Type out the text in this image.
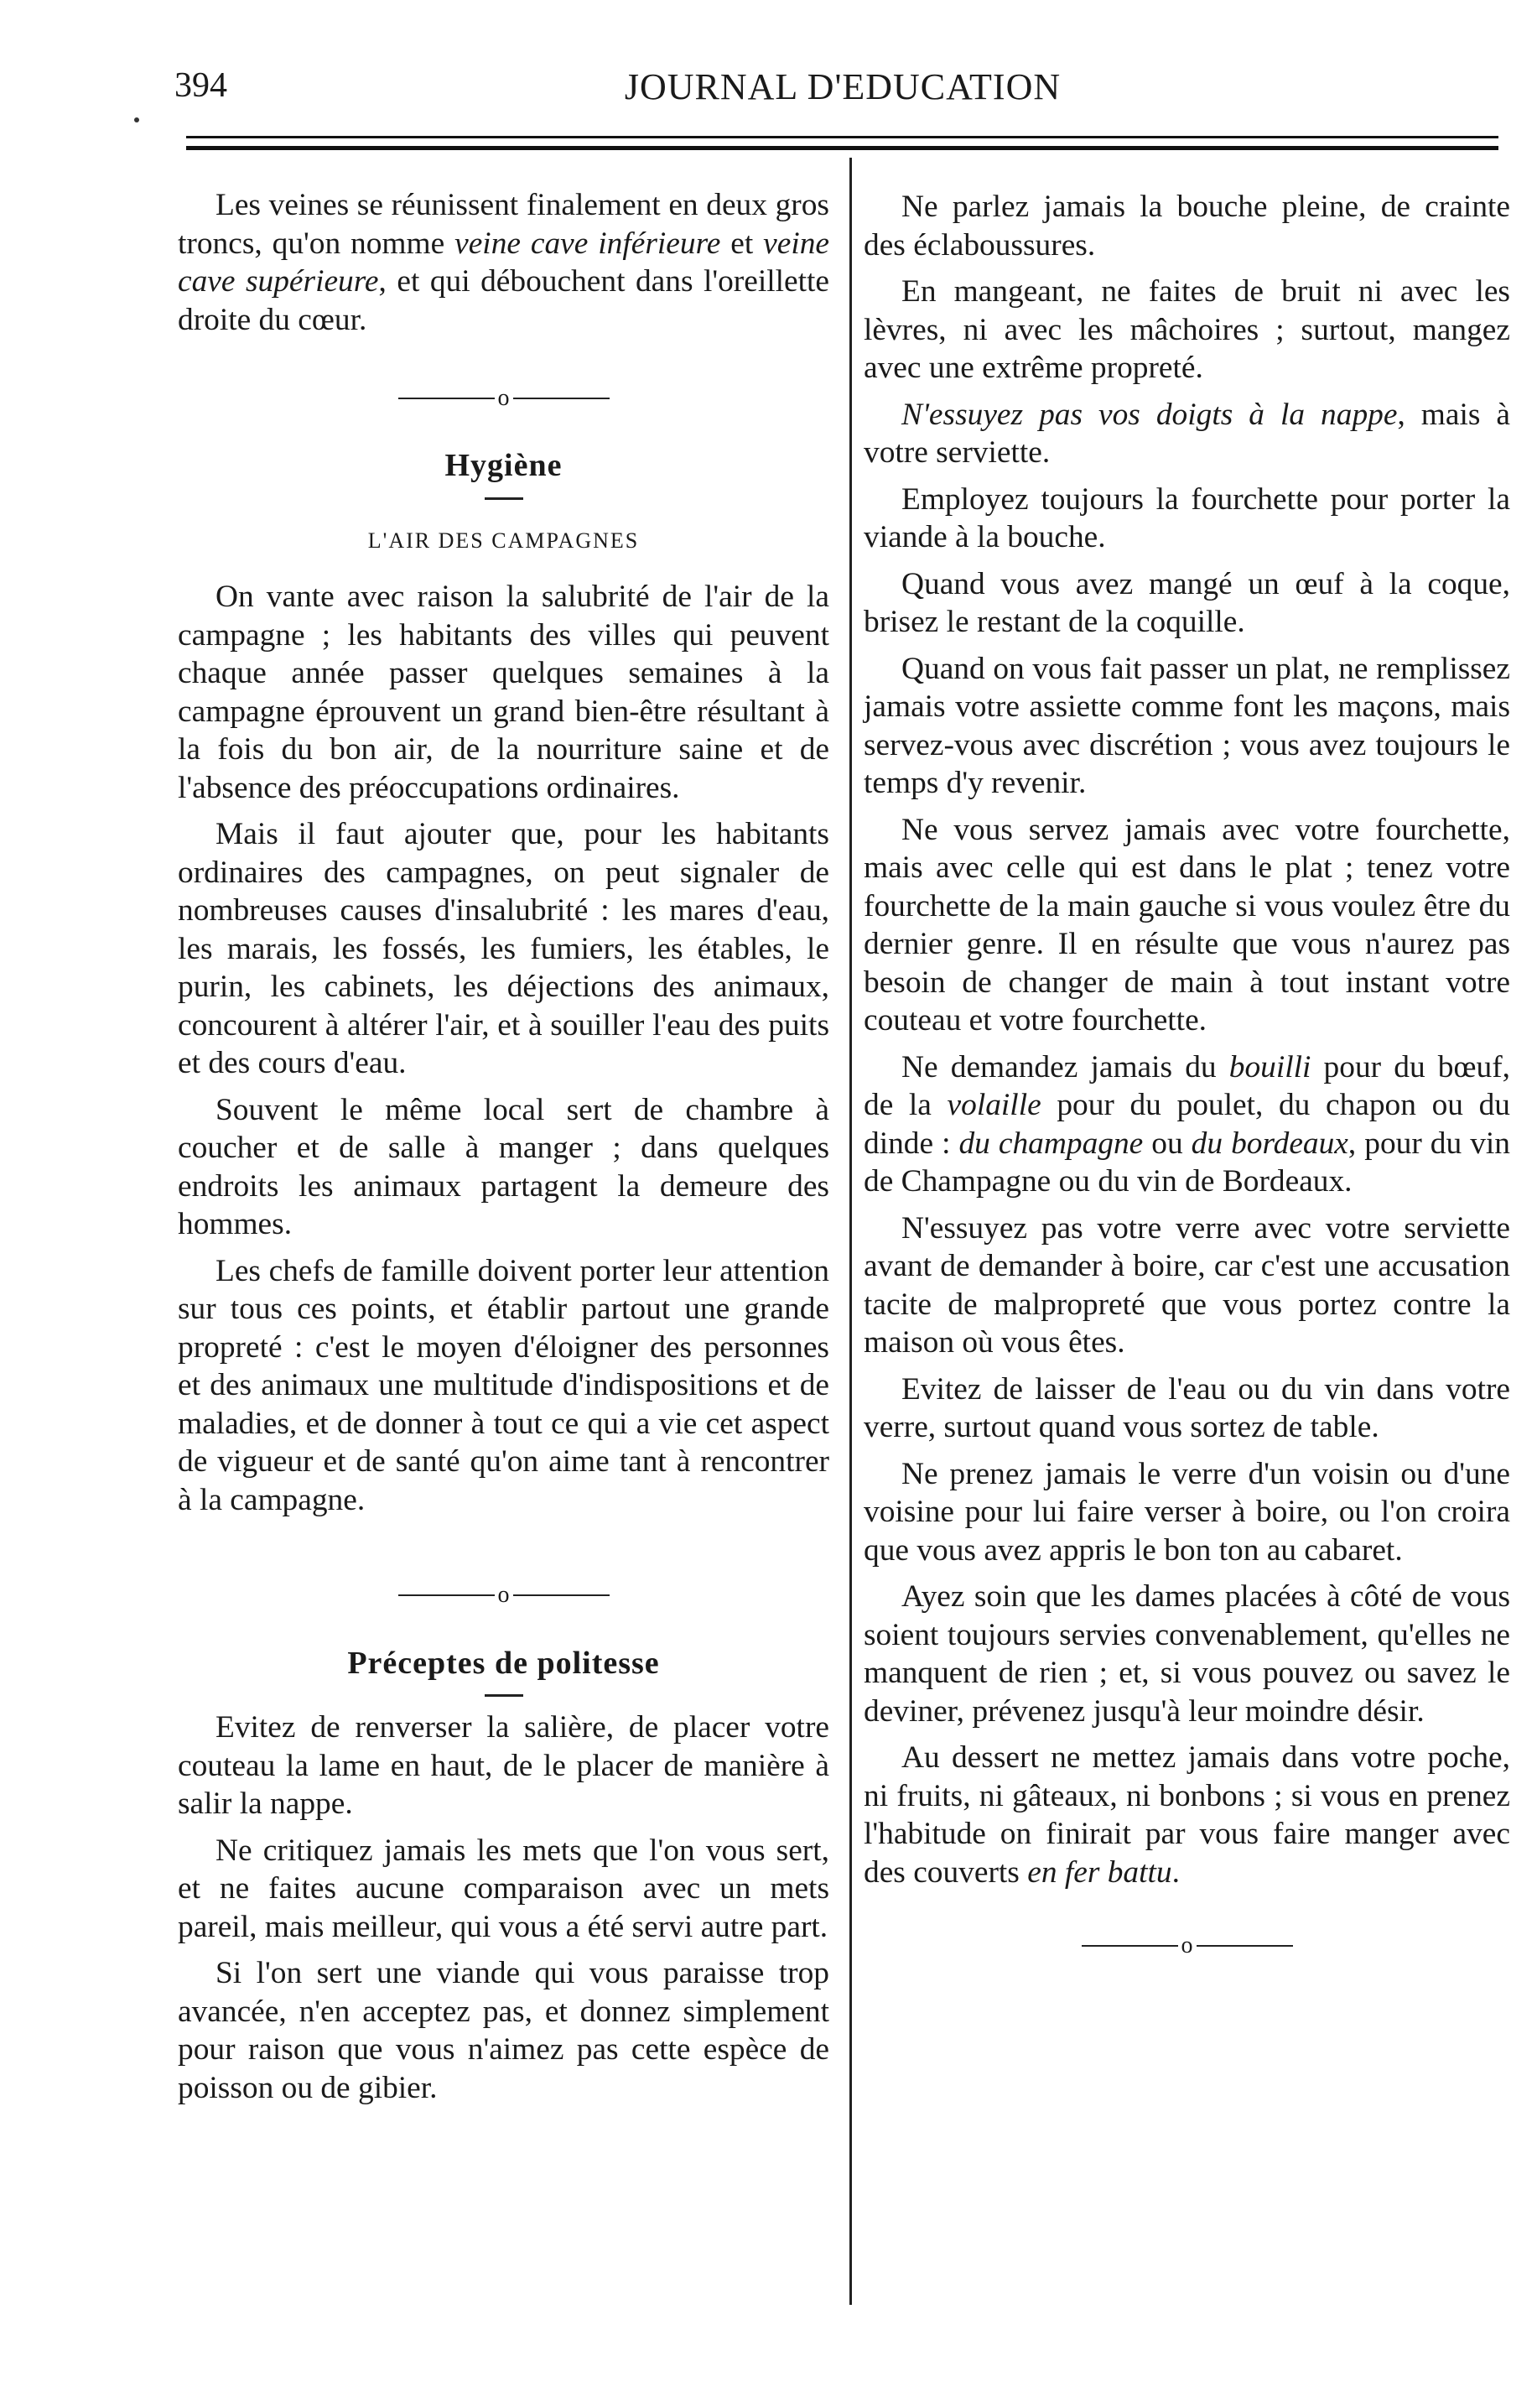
394	JOURNAL D'EDUCATION

Les veines se réunissent finalement en deux gros troncs, qu'on nomme veine cave inférieure et veine cave supérieure, et qui débouchent dans l'oreillette droite du cœur.

o
Hygiène
L'AIR DES CAMPAGNES

On vante avec raison la salubrité de l'air de la campagne ; les habitants des villes qui peuvent chaque année passer quelques semaines à la campagne éprouvent un grand bien-être résultant à la fois du bon air, de la nourriture saine et de l'absence des préoccupations ordinaires.

Mais il faut ajouter que, pour les habitants ordinaires des campagnes, on peut signaler de nombreuses causes d'insalubrité : les mares d'eau, les marais, les fossés, les fumiers, les étables, le purin, les cabinets, les déjections des animaux, concourent à altérer l'air, et à souiller l'eau des puits et des cours d'eau.

Souvent le même local sert de chambre à coucher et de salle à manger ; dans quelques endroits les animaux partagent la demeure des hommes.

Les chefs de famille doivent porter leur attention sur tous ces points, et établir partout une grande propreté : c'est le moyen d'éloigner des personnes et des animaux une multitude d'indispositions et de maladies, et de donner à tout ce qui a vie cet aspect de vigueur et de santé qu'on aime tant à rencontrer à la campagne.

o
Préceptes de politesse

Evitez de renverser la salière, de placer votre couteau la lame en haut, de le placer de manière à salir la nappe.

Ne critiquez jamais les mets que l'on vous sert, et ne faites aucune comparaison avec un mets pareil, mais meilleur, qui vous a été servi autre part.

Si l'on sert une viande qui vous paraisse trop avancée, n'en acceptez pas, et donnez simplement pour raison que vous n'aimez pas cette espèce de poisson ou de gibier.

Ne parlez jamais la bouche pleine, de crainte des éclaboussures.

En mangeant, ne faites de bruit ni avec les lèvres, ni avec les mâchoires ; surtout, mangez avec une extrême propreté.

N'essuyez pas vos doigts à la nappe, mais à votre serviette.

Employez toujours la fourchette pour porter la viande à la bouche.

Quand vous avez mangé un œuf à la coque, brisez le restant de la coquille.

Quand on vous fait passer un plat, ne remplissez jamais votre assiette comme font les maçons, mais servez-vous avec discrétion ; vous avez toujours le temps d'y revenir.

Ne vous servez jamais avec votre fourchette, mais avec celle qui est dans le plat ; tenez votre fourchette de la main gauche si vous voulez être du dernier genre. Il en résulte que vous n'aurez pas besoin de changer de main à tout instant votre couteau et votre fourchette.

Ne demandez jamais du bouilli pour du bœuf, de la volaille pour du poulet, du chapon ou du dinde : du champagne ou du bordeaux, pour du vin de Champagne ou du vin de Bordeaux.

N'essuyez pas votre verre avec votre serviette avant de demander à boire, car c'est une accusation tacite de malpropreté que vous portez contre la maison où vous êtes.

Evitez de laisser de l'eau ou du vin dans votre verre, surtout quand vous sortez de table.

Ne prenez jamais le verre d'un voisin ou d'une voisine pour lui faire verser à boire, ou l'on croira que vous avez appris le bon ton au cabaret.

Ayez soin que les dames placées à côté de vous soient toujours servies convenablement, qu'elles ne manquent de rien ; et, si vous pouvez ou savez le deviner, prévenez jusqu'à leur moindre désir.

Au dessert ne mettez jamais dans votre poche, ni fruits, ni gâteaux, ni bonbons ; si vous en prenez l'habitude on finirait par vous faire manger avec des couverts en fer battu.

o
